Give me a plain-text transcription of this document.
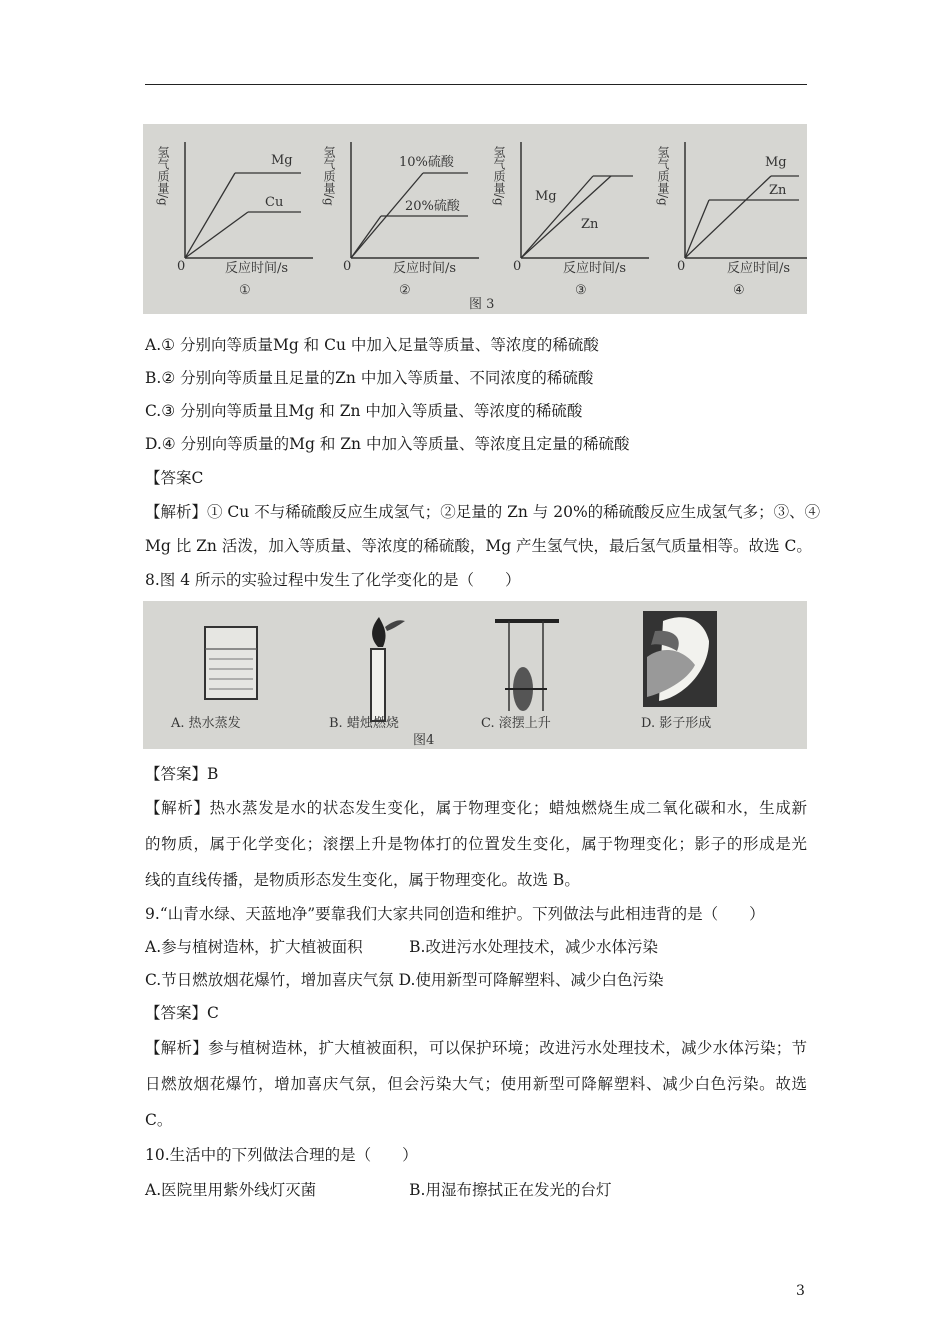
氢气质量/g
0	反应时间/s
Mg
Cu
①
氢气质量/g
0	反应时间/s
10%硫酸
20%硫酸
②
氢气质量/g
0	反应时间/s
Mg
Zn
③
氢气质量/g
0	反应时间/s
Mg
Zn
④
图 3
A.① 分别向等质量Mg 和 Cu 中加入足量等质量、等浓度的稀硫酸
B.② 分别向等质量且足量的Zn 中加入等质量、不同浓度的稀硫酸
C.③ 分别向等质量且Mg 和 Zn 中加入等质量、等浓度的稀硫酸
D.④ 分别向等质量的Mg 和 Zn 中加入等质量、等浓度且定量的稀硫酸
【答案C
【解析】① Cu 不与稀硫酸反应生成氢气；②足量的 Zn 与 20%的稀硫酸反应生成氢气多；③、④
Mg 比 Zn 活泼，加入等质量、等浓度的稀硫酸，Mg 产生氢气快，最后氢气质量相等。故选 C。
8.图 4 所示的实验过程中发生了化学变化的是（　　）
A. 热水蒸发	B. 蜡烛燃烧	C. 滚摆上升	D. 影子形成
图4
【答案】B
【解析】热水蒸发是水的状态发生变化，属于物理变化；蜡烛燃烧生成二氧化碳和水，生成新
的物质，属于化学变化；滚摆上升是物体打的位置发生变化，属于物理变化；影子的形成是光
线的直线传播，是物质形态发生变化，属于物理变化。故选 B。
9.“山青水绿、天蓝地净”要靠我们大家共同创造和维护。下列做法与此相违背的是（　　）
A.参与植树造林，扩大植被面积　　　B.改进污水处理技术，减少水体污染
C.节日燃放烟花爆竹，增加喜庆气氛 D.使用新型可降解塑料、减少白色污染
【答案】C
【解析】参与植树造林，扩大植被面积，可以保护环境；改进污水处理技术，减少水体污染；节
日燃放烟花爆竹，增加喜庆气氛，但会污染大气；使用新型可降解塑料、减少白色污染。故选
C。
10.生活中的下列做法合理的是（　　）
A.医院里用紫外线灯灭菌　　　　　　B.用湿布擦拭正在发光的台灯
3
